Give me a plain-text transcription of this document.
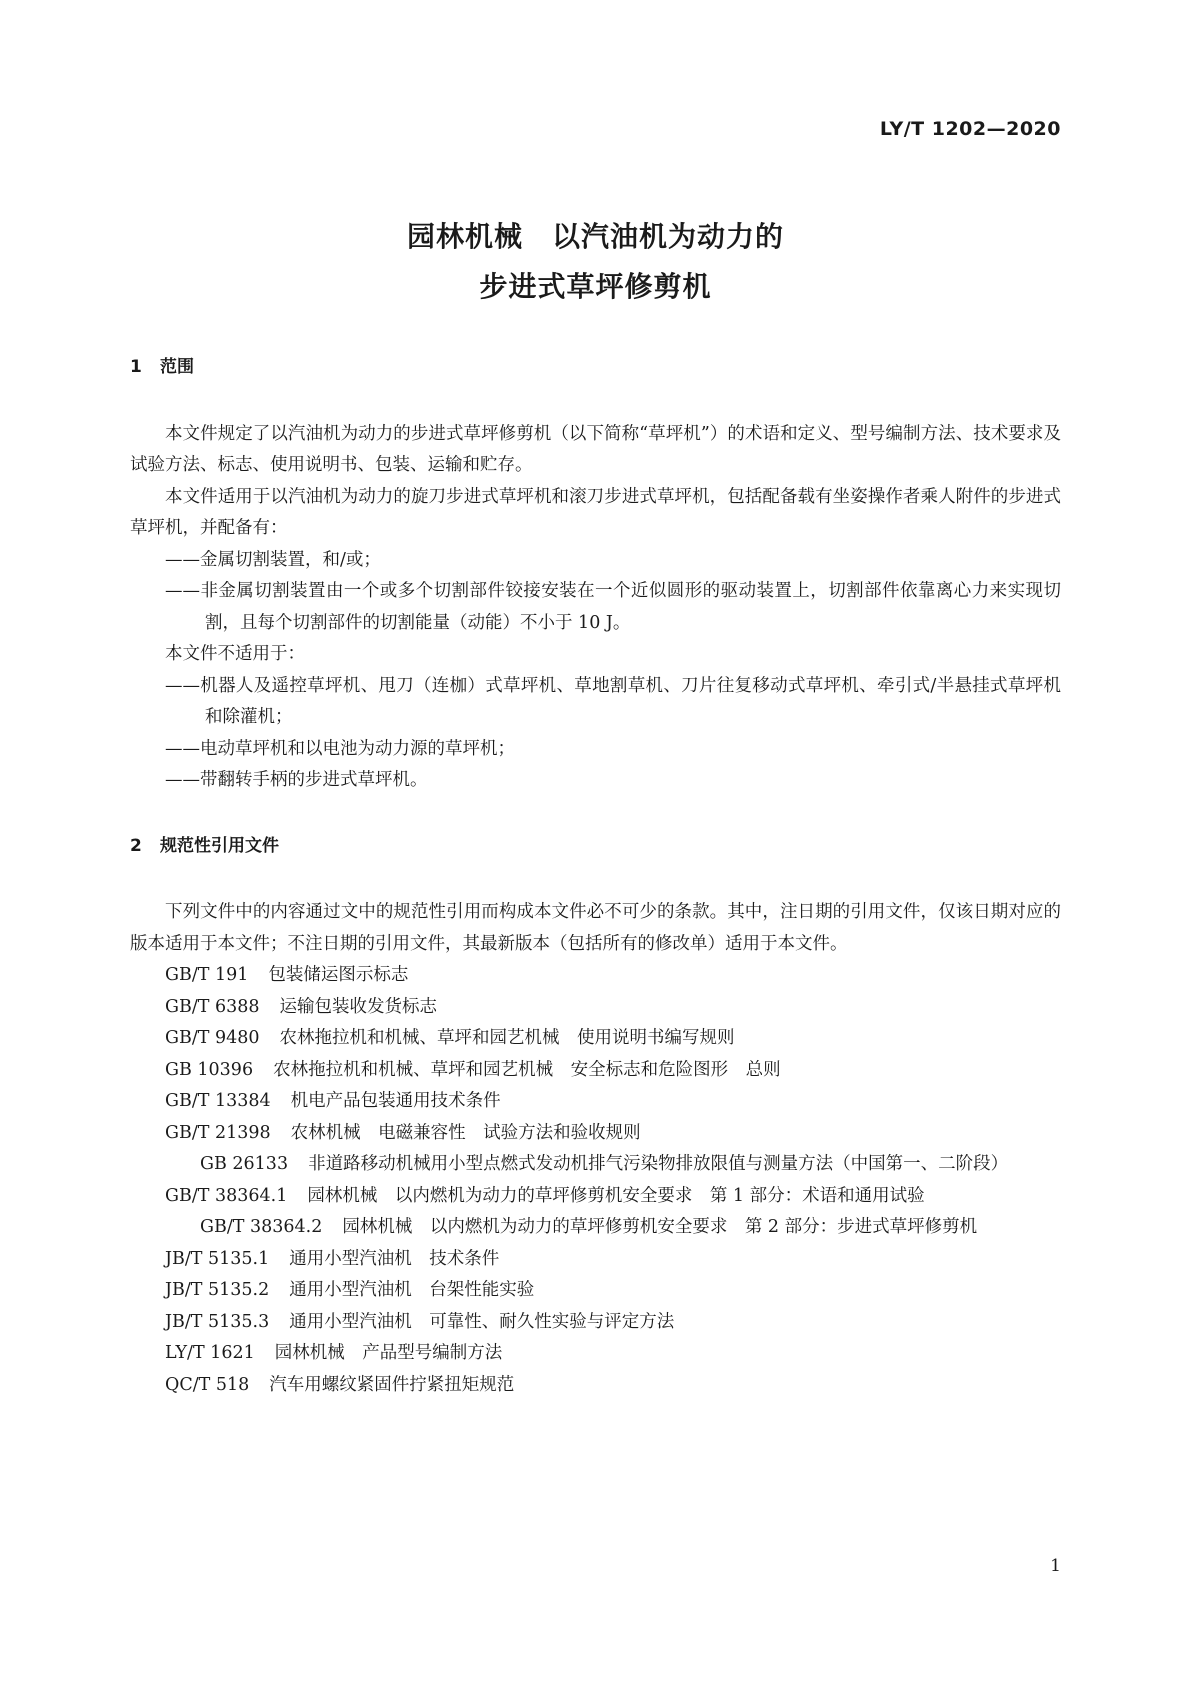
LY/T 1202—2020
园林机械　以汽油机为动力的
步进式草坪修剪机
1 范围

本文件规定了以汽油机为动力的步进式草坪修剪机（以下简称“草坪机”）的术语和定义、型号编制方法、技术要求及试验方法、标志、使用说明书、包装、运输和贮存。

本文件适用于以汽油机为动力的旋刀步进式草坪机和滚刀步进式草坪机，包括配备载有坐姿操作者乘人附件的步进式草坪机，并配备有：

——金属切割装置，和/或；

——非金属切割装置由一个或多个切割部件铰接安装在一个近似圆形的驱动装置上，切割部件依靠离心力来实现切割，且每个切割部件的切割能量（动能）不小于 10 J。

本文件不适用于：

——机器人及遥控草坪机、甩刀（连枷）式草坪机、草地割草机、刀片往复移动式草坪机、牵引式/半悬挂式草坪机和除灌机；

——电动草坪机和以电池为动力源的草坪机；

——带翻转手柄的步进式草坪机。

2 规范性引用文件

下列文件中的内容通过文中的规范性引用而构成本文件必不可少的条款。其中，注日期的引用文件，仅该日期对应的版本适用于本文件；不注日期的引用文件，其最新版本（包括所有的修改单）适用于本文件。

GB/T 191 包装储运图示标志

GB/T 6388 运输包装收发货标志

GB/T 9480 农林拖拉机和机械、草坪和园艺机械　使用说明书编写规则

GB 10396 农林拖拉机和机械、草坪和园艺机械　安全标志和危险图形　总则

GB/T 13384 机电产品包装通用技术条件

GB/T 21398 农林机械　电磁兼容性　试验方法和验收规则

GB 26133 非道路移动机械用小型点燃式发动机排气污染物排放限值与测量方法（中国第一、二阶段）

GB/T 38364.1 园林机械　以内燃机为动力的草坪修剪机安全要求　第 1 部分：术语和通用试验

GB/T 38364.2 园林机械　以内燃机为动力的草坪修剪机安全要求　第 2 部分：步进式草坪修剪机

JB/T 5135.1 通用小型汽油机　技术条件

JB/T 5135.2 通用小型汽油机　台架性能实验

JB/T 5135.3 通用小型汽油机　可靠性、耐久性实验与评定方法

LY/T 1621 园林机械　产品型号编制方法

QC/T 518 汽车用螺纹紧固件拧紧扭矩规范

1
